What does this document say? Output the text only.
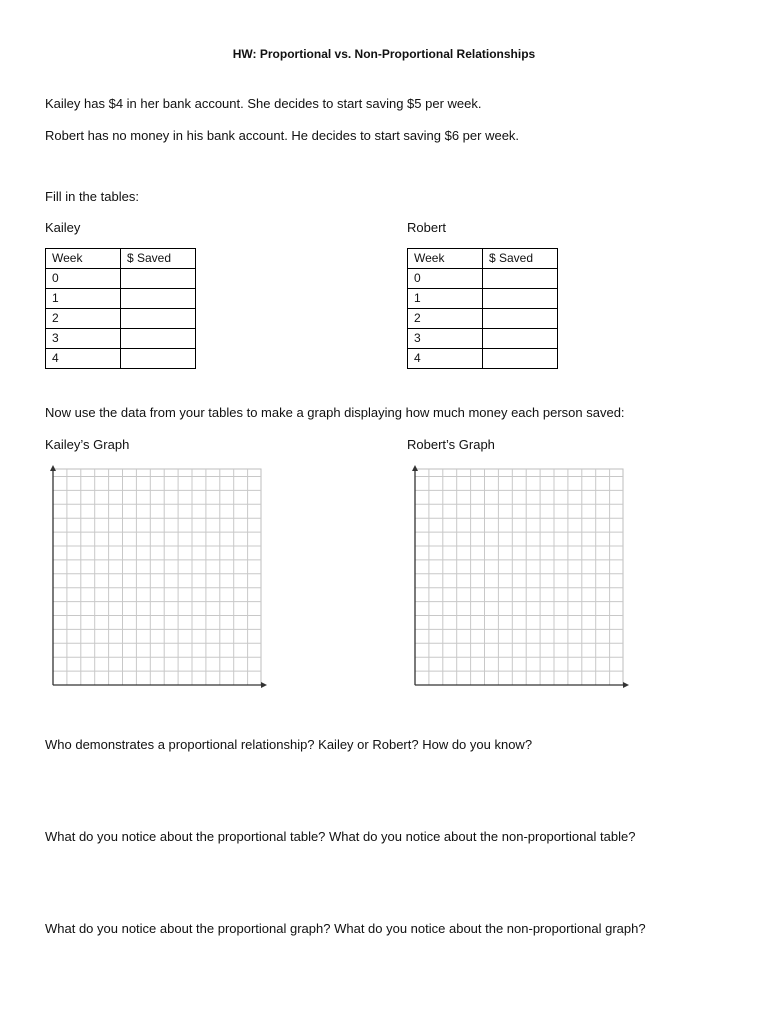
HW: Proportional vs. Non-Proportional Relationships
Kailey has $4 in her bank account. She decides to start saving $5 per week.
Robert has no money in his bank account. He decides to start saving $6 per week.
Fill in the tables:
Kailey	Robert
Week	$ Saved
0	
1	
2	
3	
4	
Week	$ Saved
0	
1	
2	
3	
4	
Now use the data from your tables to make a graph displaying how much money each person saved:
Kailey’s Graph	Robert’s Graph
Who demonstrates a proportional relationship? Kailey or Robert? How do you know?
What do you notice about the proportional table? What do you notice about the non-proportional table?
What do you notice about the proportional graph? What do you notice about the non-proportional graph?
